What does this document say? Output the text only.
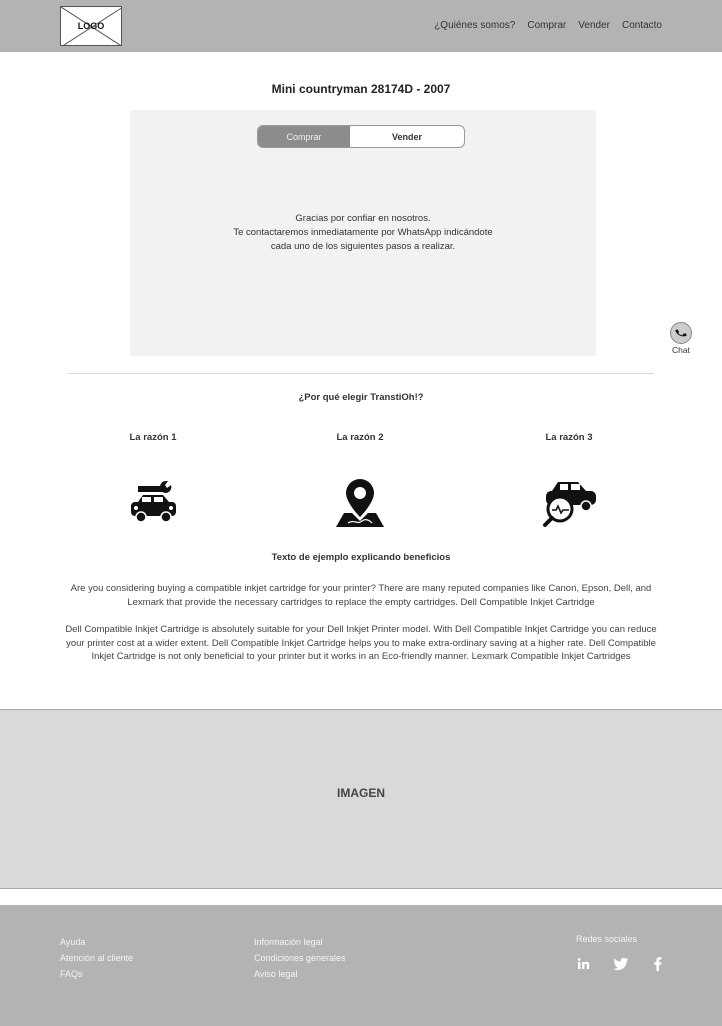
LOGO	¿Quiénes somos? Comprar Vender Contacto
Mini countryman 28174D - 2007
Comprar	Vender
Gracias por confiar en nosotros.
Te contactaremos inmediatamente por WhatsApp indicándote
cada uno de los siguientes pasos a realizar.
Chat
¿Por qué elegir TranstiOh!?
La razón 1	La razón 2	La razón 3
Texto de ejemplo explicando beneficios
Are you considering buying a compatible inkjet cartridge for your printer? There are many reputed companies like Canon, Epson, Dell, and Lexmark that provide the necessary cartridges to replace the empty cartridges. Dell Compatible Inkjet Cartridge
Dell Compatible Inkjet Cartridge is absolutely suitable for your Dell Inkjet Printer model. With Dell Compatible Inkjet Cartridge you can reduce your printer cost at a wider extent. Dell Compatible Inkjet Cartridge helps you to make extra-ordinary saving at a higher rate. Dell Compatible Inkjet Cartridge is not only beneficial to your printer but it works in an Eco-friendly manner. Lexmark Compatible Inkjet Cartridges
IMAGEN
Ayuda
Atención al cliente
FAQs
Información legal
Condiciones generales
Aviso legal
Redes sociales
